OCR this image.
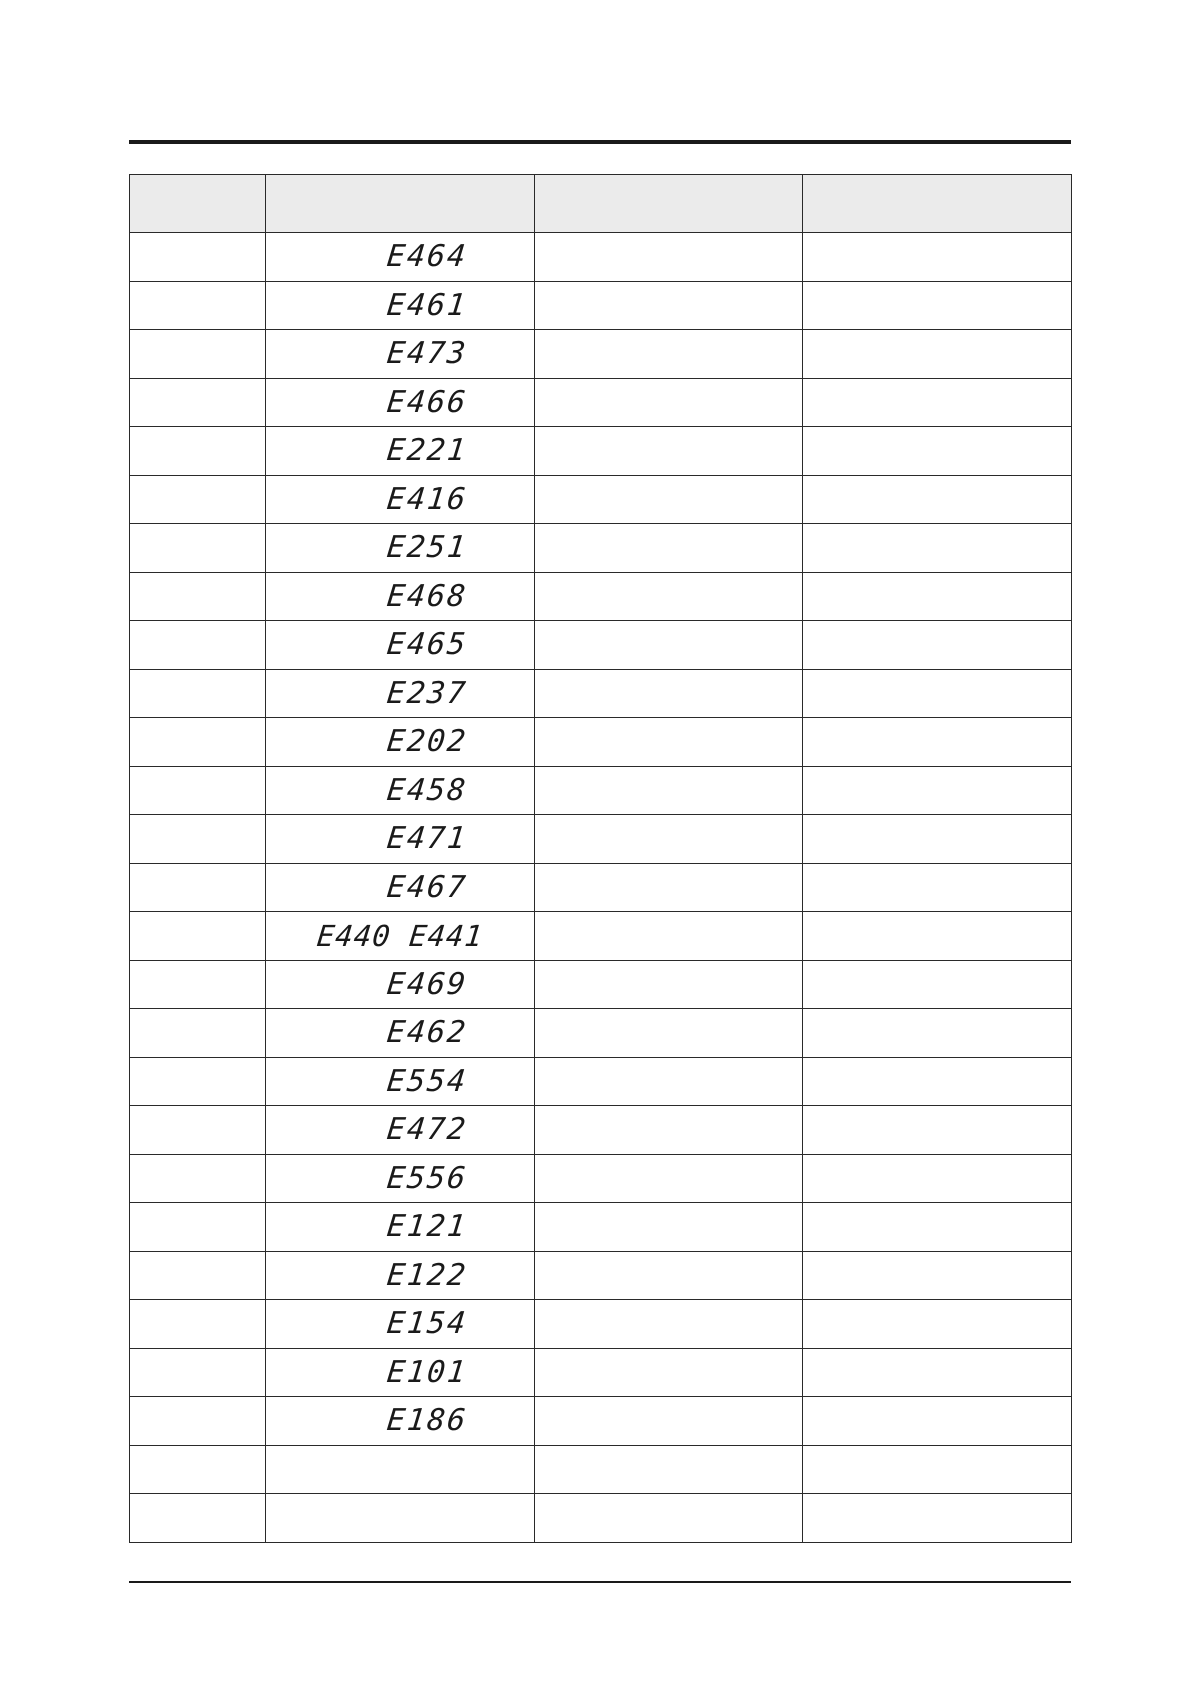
	E464		
	E461		
	E473		
	E466		
	E221		
	E416		
	E251		
	E468		
	E465		
	E237		
	E202		
	E458		
	E471		
	E467		
	E440 E441		
	E469		
	E462		
	E554		
	E472		
	E556		
	E121		
	E122		
	E154		
	E101		
	E186		
